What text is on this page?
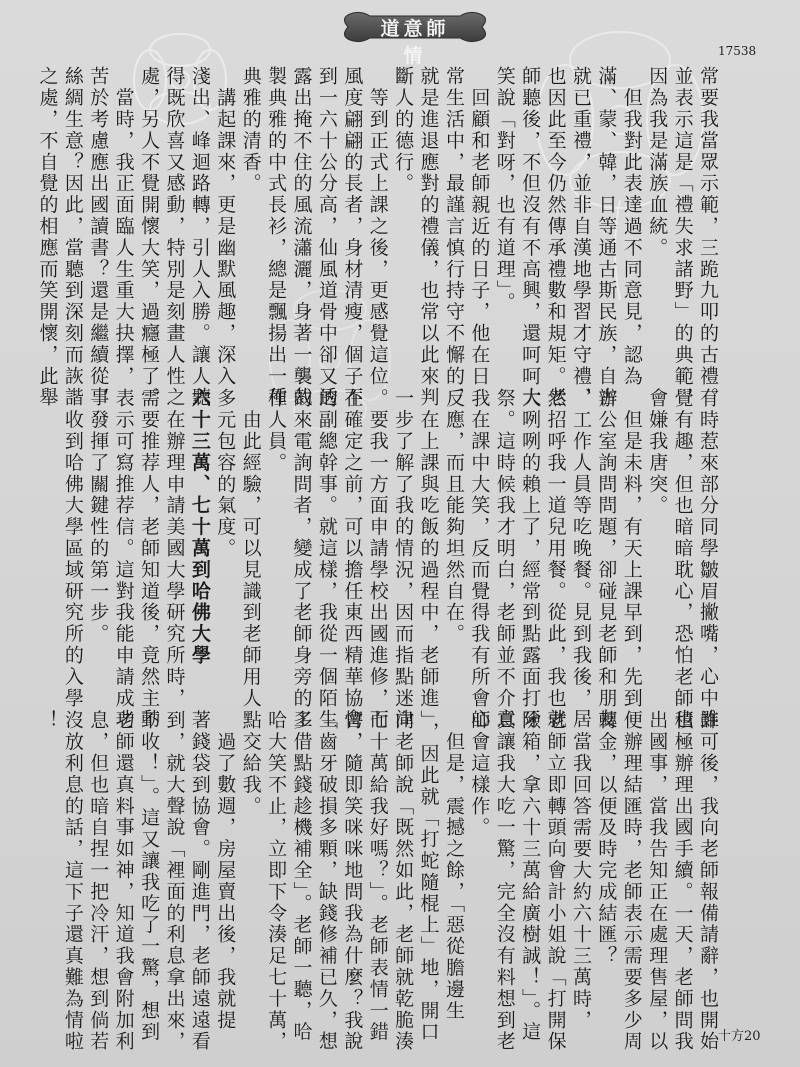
道意師情	17538
常要我當眾示範，三跪九叩的古禮。
並表示這是「禮失求諸野」的典範，
因為我是滿族血統。
　但我對此表達過不同意見，認為
滿、蒙、韓，日等通古斯民族，自古
就已重禮，並非自漢地學習才守禮，
也因此至今仍然傳承禮數和規矩。老
師聽後，不但沒有不高興，還呵呵大
笑說「對呀，也有道理」。
　回顧和老師親近的日子，他在日
常生活中，最謹言慎行持守不懈的，
就是進退應對的禮儀，也常以此來判
斷人的德行。
　等到正式上課之後，更感覺這位
風度翩翩的長者，身材清瘦，個子不
到一六十公分高，仙風道骨中卻又透
露出掩不住的風流瀟灑，身著一襲裁
製典雅的中式長衫，總是飄揚出一種
典雅的清香。
　講起課來，更是幽默風趣，深入
淺出、峰迴路轉，引人入勝。讓人聽
得既欣喜又感動，特別是刻畫人性之
處，另人不覺開懷大笑，過癮極了。
　當時，我正面臨人生重大抉擇，
苦於考慮應出國讀書？還是繼續從事
絲綢生意？因此，當聽到深刻而詼諧
之處，不自覺的相應而笑開懷，此舉
有時惹來部分同學皺眉撇嘴，心中雖
覺有趣，但也暗暗耽心，恐怕老師也
會嫌我唐突。
　但是未料，有天上課早到，先到
辦公室詢問問題，卻碰見老師和朋友
、工作人員等吃晚餐。見到我後，居
然招呼我一道兒用餐。從此，我也就
大咧咧的賴上了，經常到點露面打牙
祭。這時候我才明白，老師並不介意
我在課中大笑，反而覺得我有所會心
反應，而且能夠坦然自在。
　在上課與吃飯的過程中，老師進
一步了解了我的情況，因而指點迷津
。要我一方面申請學校出國進修，而
在確定之前，可以擔任東西精華協會
的副總幹事。就這樣，我從一個陌生
的來電詢問者，變成了老師身旁的工
作人員。
　由此經驗，可以見識到老師用人
多元包容的氣度。
六十三萬、七十萬到哈佛大學
　在辦理申請美國大學研究所時，
需要推荐人，老師知道後，竟然主動
表示可寫推荐信。這對我能申請成功
，發揮了關鍵性的第一步。
　收到哈佛大學區域研究所的入學
許可後，我向老師報備請辭，也開始
積極辦理出國手續。一天，老師問我
出國事，當我告知正在處理售屋，以
便辦理結匯時，老師表示需要多少周
轉金，以便及時完成結匯？
　當我回答需要大約六十三萬時，
老師立即轉頭向會計小姐說「打開保
險箱，拿六十三萬給廣樹誠！」。這
真讓我大吃一驚，完全沒有料想到老
師會這樣作。
　但是，震撼之餘，「惡從膽邊生
」，因此就「打蛇隨棍上」地，開口
向老師說「既然如此，老師就乾脆湊
七十萬給我好嗎？」。老師表情一錯
愕，隨即笑咪咪地問我為什麼？我說
「齒牙破損多顆，缺錢修補已久，想
多借點錢趁機補全」。老師一聽，哈
哈大笑不止，立即下令湊足七十萬，
點交給我。
　過了數週，房屋賣出後，我就提
著錢袋到協會。剛進門，老師遠遠看
到，就大聲說「裡面的利息拿出來，
不收！」。這又讓我吃了一驚，想到
老師還真料事如神，知道我會附加利
息，但也暗自捏一把冷汗，想到倘若
沒放利息的話，這下子還真難為情啦
！
十方20
